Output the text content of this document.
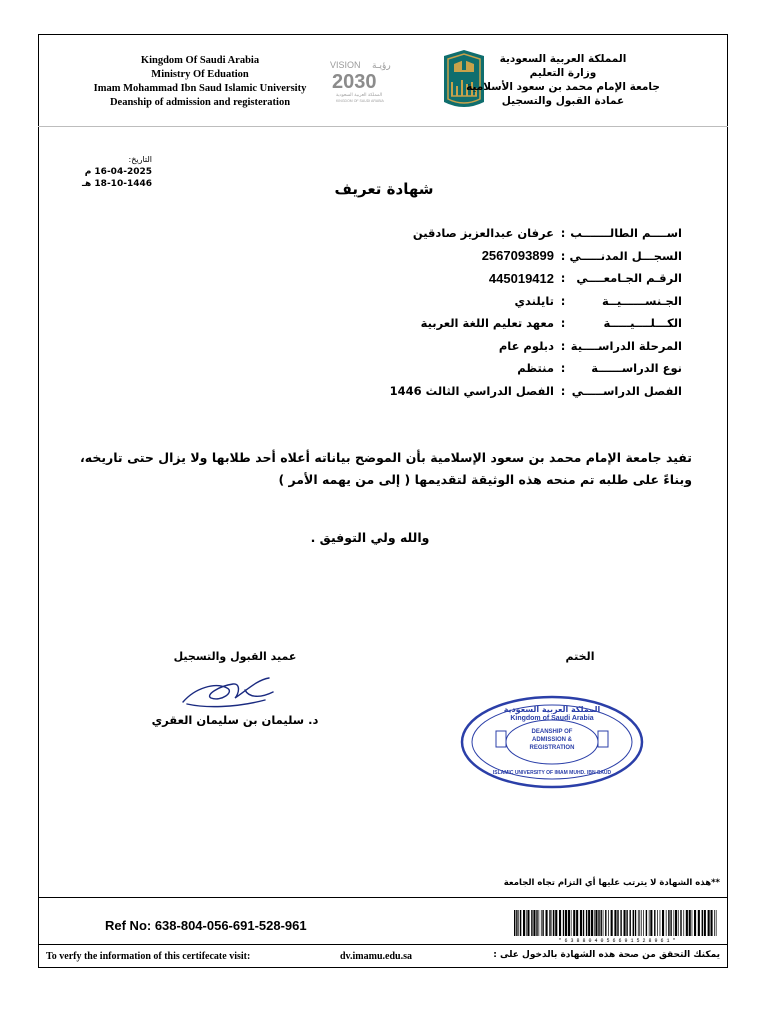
Kingdom Of Saudi Arabia
Ministry Of Edu​ation
Imam Mohammad Ibn Saud Islamic University
Deanship of admission and registeration
VISION رؤيـة
2030
المملكة العربية السعودية
KINGDOM OF SAUDI ARABIA
المملكة العربية السعودية
وزارة التعليم
جامعة الإمام محمد بن سعود الأسلامية
عمادة القبول والتسجيل
التاريخ:
16-04-2025 م
18-10-1446 هـ	شهادة تعريف
اســــم الطالـــــــب
:
عرفان عبدالعزيز صادقين
السجـــل المدنـــــي
:
2567093899
الرقـم الجـامعــــي
:
445019412
الجـنســــــيــة
:
تايلندي
الكـــلــــيـــــة
:
معهد تعليم اللغة العربية
المرحلة الدراســــية
:
دبلوم عام
نوع الدراســــــة
:
منتظم
الفصل الدراســـــي
:
الفصل الدراسي الثالث 1446
تفيد جامعة الإمام محمد بن سعود الإسلامية بأن الموضح بياناته أعلاه أحد طلابها ولا يزال حتى تاريخه، وبناءً على طلبه تم منحه هذه الوثيقة لتقديمها ( إلى من يهمه الأمر )
والله ولي التوفيق .
عميد القبول والتسجيل	الختم
د. سليمان بن سليمان العقري
المملكة العربية السعودية
Kingdom of Saudi Arabia
DEANSHIP OF
ADMISSION &
REGISTRATION
ISLAMIC UNIVERSITY OF IMAM MUHD. IBN SAUD
**هذه الشهادة لا يترتب عليها أي التزام تجاه الجامعة
Ref No: 638-804-056-691-528-961
* 6 3 8 8 0 4 0 5 6 6 9 1 5 2 8 9 6 1 *
To verfy the information of this certifecate visit:	dv.imamu.edu.sa	يمكنك التحقق من صحة هذه الشهادة بالدخول على :
